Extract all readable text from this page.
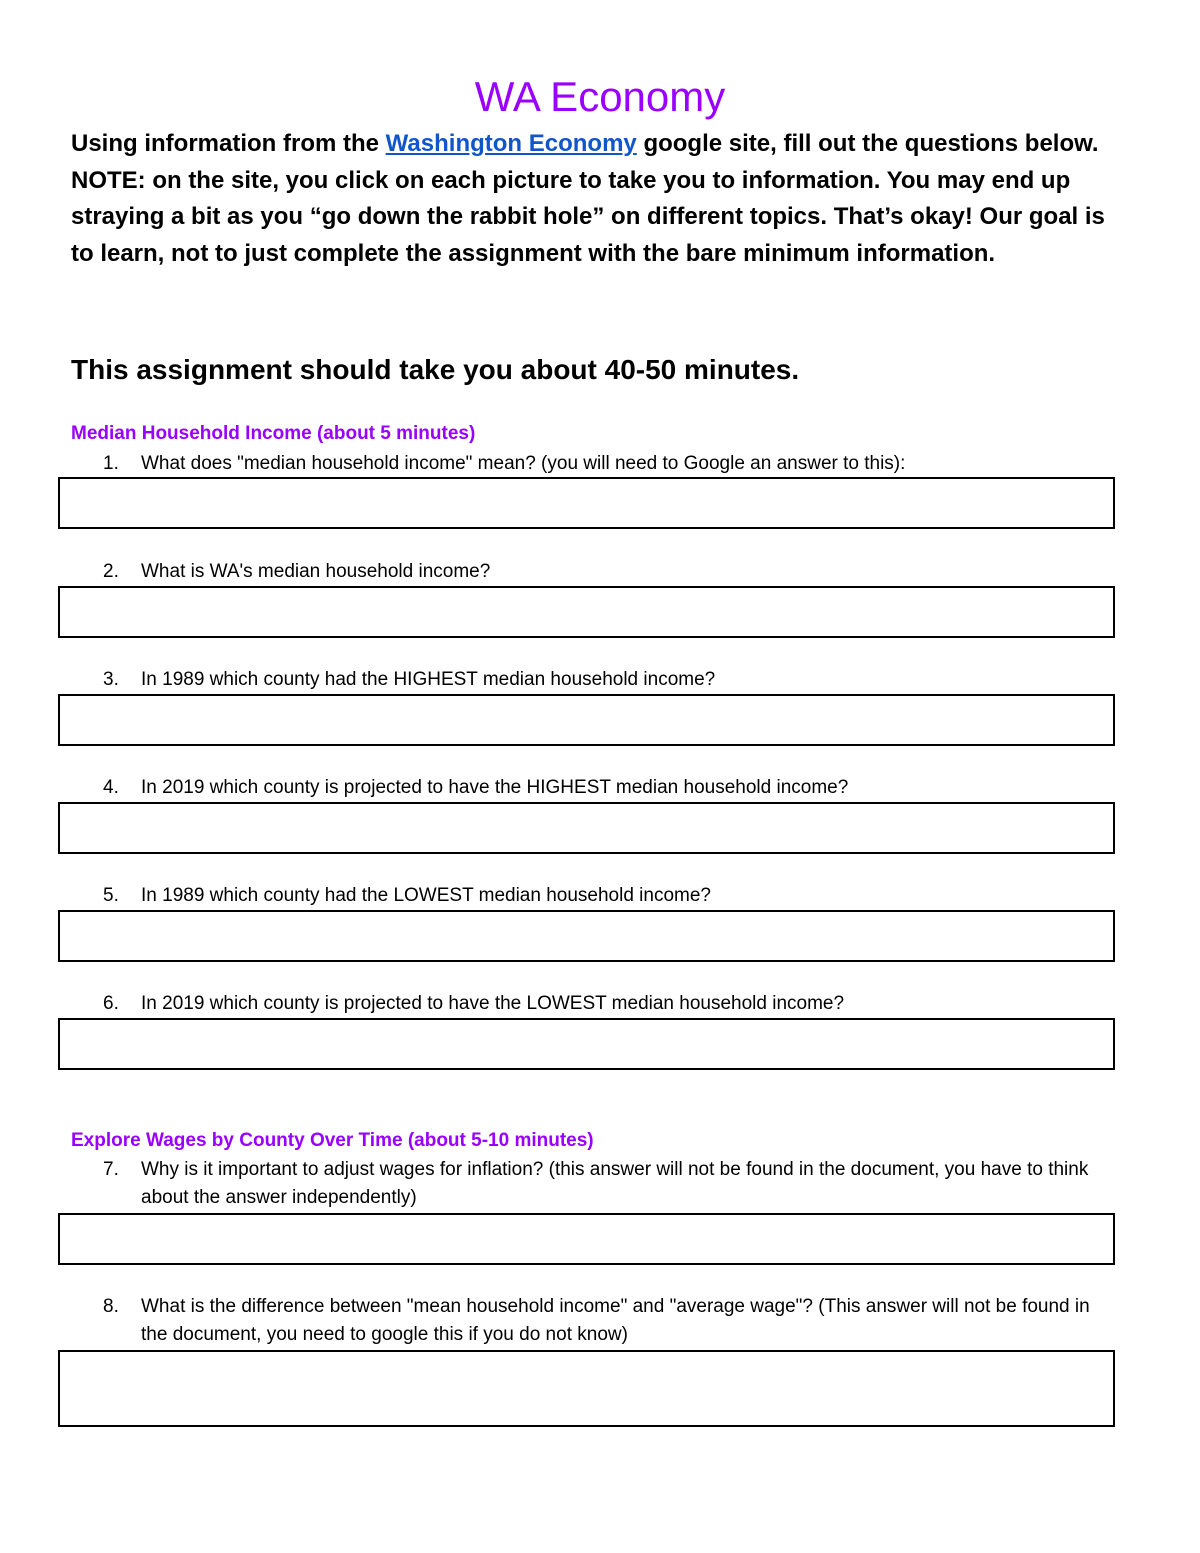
WA Economy
Using information from the Washington Economy google site, fill out the questions below. NOTE: on the site, you click on each picture to take you to information. You may end up straying a bit as you “go down the rabbit hole” on different topics. That’s okay! Our goal is to learn, not to just complete the assignment with the bare minimum information.
This assignment should take you about 40-50 minutes.
Median Household Income (about 5 minutes)
1.	What does "median household income" mean? (you will need to Google an answer to this):
2.	What is WA's median household income?
3.	In 1989 which county had the HIGHEST median household income?
4.	In 2019 which county is projected to have the HIGHEST median household income?
5.	In 1989 which county had the LOWEST median household income?
6.	In 2019 which county is projected to have the LOWEST median household income?
Explore Wages by County Over Time (about 5-10 minutes)
7.	Why is it important to adjust wages for inflation? (this answer will not be found in the document, you have to think about the answer independently)
8.	What is the difference between "mean household income" and "average wage"? (This answer will not be found in the document, you need to google this if you do not know)
